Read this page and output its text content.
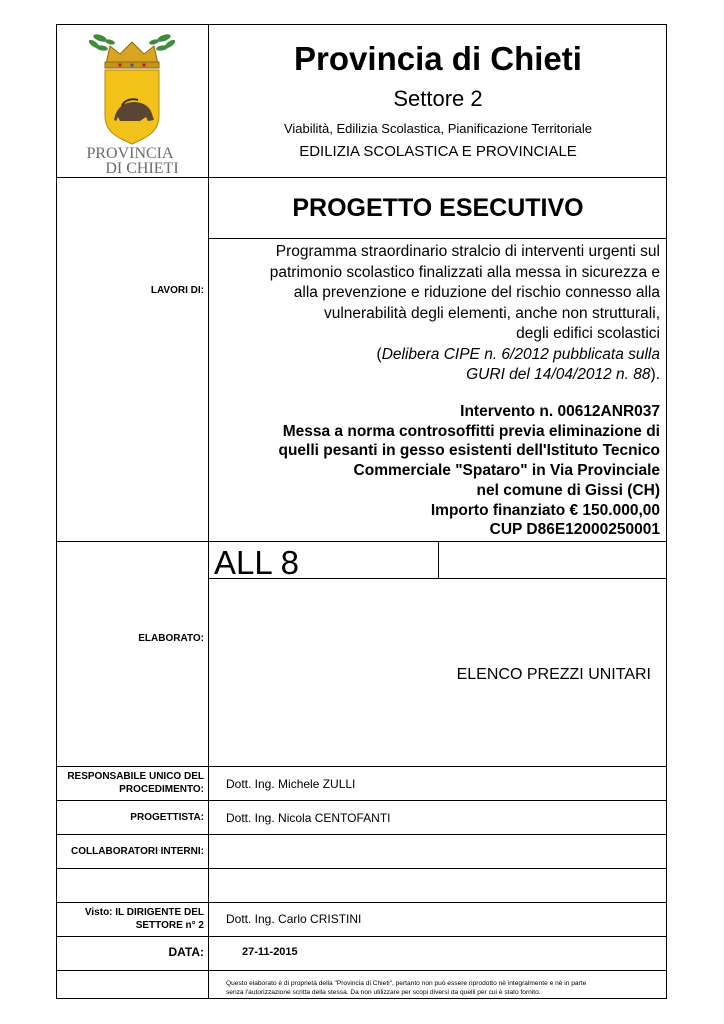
PROVINCIA
DI CHIETI
Provincia di Chieti
Settore 2
Viabilità, Edilizia Scolastica, Pianificazione Territoriale
EDILIZIA SCOLASTICA E PROVINCIALE
PROGETTO ESECUTIVO
LAVORI DI:
Programma straordinario stralcio di interventi urgenti sul
patrimonio scolastico finalizzati alla messa in sicurezza e
alla prevenzione e riduzione del rischio connesso alla
vulnerabilità degli elementi, anche non strutturali,
degli edifici scolastici
(Delibera CIPE n. 6/2012 pubblicata sulla
GURI del 14/04/2012 n. 88).
Intervento n. 00612ANR037
Messa a norma controsoffitti previa eliminazione di
quelli pesanti in gesso esistenti dell'Istituto Tecnico
Commerciale "Spataro" in Via Provinciale
nel comune di Gissi (CH)
Importo finanziato € 150.000,00
CUP D86E12000250001
ALL 8
ELABORATO:
ELENCO PREZZI UNITARI
RESPONSABILE UNICO DEL
PROCEDIMENTO: Dott. Ing. Michele ZULLI
PROGETTISTA: Dott. Ing. Nicola CENTOFANTI
COLLABORATORI INTERNI:
Visto: IL DIRIGENTE DEL
SETTORE n° 2 Dott. Ing. Carlo CRISTINI
DATA:	27-11-2015
Questo elaborato è di proprietà della "Provincia di Chieti", pertanto non può essere riprodotto nè integralmente e nè in parte
senza l'autorizzazione scritta della stessa. Da non utilizzare per scopi diversi da quelli per cui è stato fornito.
